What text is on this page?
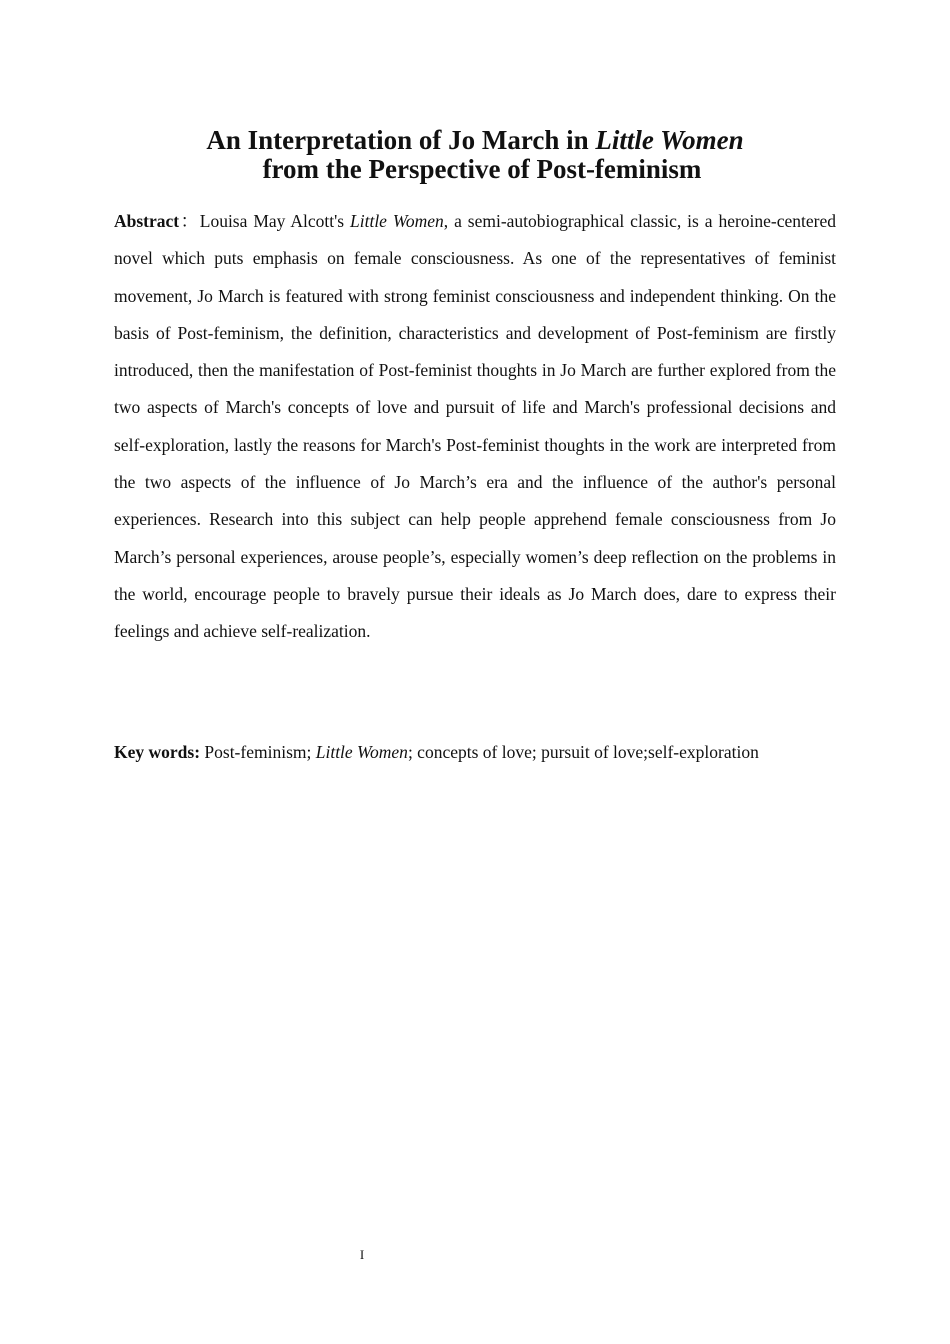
An Interpretation of Jo March in Little Women
from the Perspective of Post-feminism

Abstract：Louisa May Alcott's Little Women, a semi-autobiographical classic, is a heroine-centered novel which puts emphasis on female consciousness. As one of the representatives of feminist movement, Jo March is featured with strong feminist consciousness and independent thinking. On the basis of Post-feminism, the definition, characteristics and development of Post-feminism are firstly introduced, then the manifestation of Post-feminist thoughts in Jo March are further explored from the two aspects of March's concepts of love and pursuit of life and March's professional decisions and self-exploration, lastly the reasons for March's Post-feminist thoughts in the work are interpreted from the two aspects of the influence of Jo March’s era and the influence of the author's personal experiences. Research into this subject can help people apprehend female consciousness from Jo March’s personal experiences, arouse people’s, especially women’s deep reflection on the problems in the world, encourage people to bravely pursue their ideals as Jo March does, dare to express their feelings and achieve self-realization.

Key words: Post-feminism; Little Women; concepts of love; pursuit of love;self-exploration

I
